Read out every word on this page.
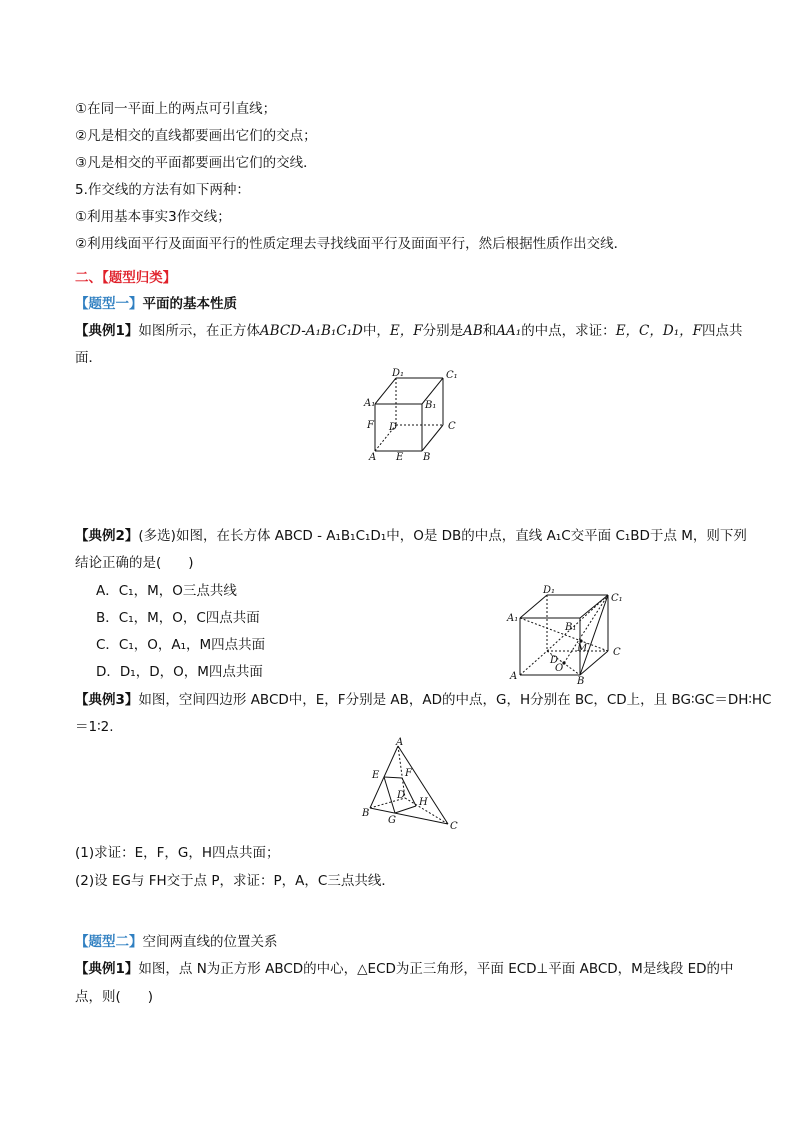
①在同一平面上的两点可引直线；
②凡是相交的直线都要画出它们的交点；
③凡是相交的平面都要画出它们的交线．
5.作交线的方法有如下两种：
①利用基本事实3作交线；
②利用线面平行及面面平行的性质定理去寻找线面平行及面面平行，然后根据性质作出交线．
二、【题型归类】
【题型一】平面的基本性质
【典例1】如图所示，在正方体ABCD-A₁B₁C₁D中，E，F分别是AB和AA₁的中点，求证：E，C，D₁，F四点共
面．
D₁	C₁
A₁	B₁
F D	C
A E B
【典例2】(多选)如图，在长方体 ABCD - A₁B₁C₁D₁中，O是 DB的中点，直线 A₁C交平面 C₁BD于点 M，则下列
结论正确的是(　　)
A．C₁，M，O三点共线
B．C₁，M，O，C四点共面
C．C₁，O，A₁，M四点共面
D．D₁，D，O，M四点共面
D₁
C₁
A₁
B₁
M
D
O
C
A	B
【典例3】如图，空间四边形 ABCD中，E，F分别是 AB，AD的中点，G，H分别在 BC，CD上，且 BG∶GC＝DH∶HC
＝1∶2.
A
E	F
D
H
B
G
C
(1)求证：E，F，G，H四点共面；
(2)设 EG与 FH交于点 P，求证：P，A，C三点共线．
【题型二】空间两直线的位置关系
【典例1】如图，点 N为正方形 ABCD的中心，△ECD为正三角形，平面 ECD⊥平面 ABCD，M是线段 ED的中
点，则(　　)
